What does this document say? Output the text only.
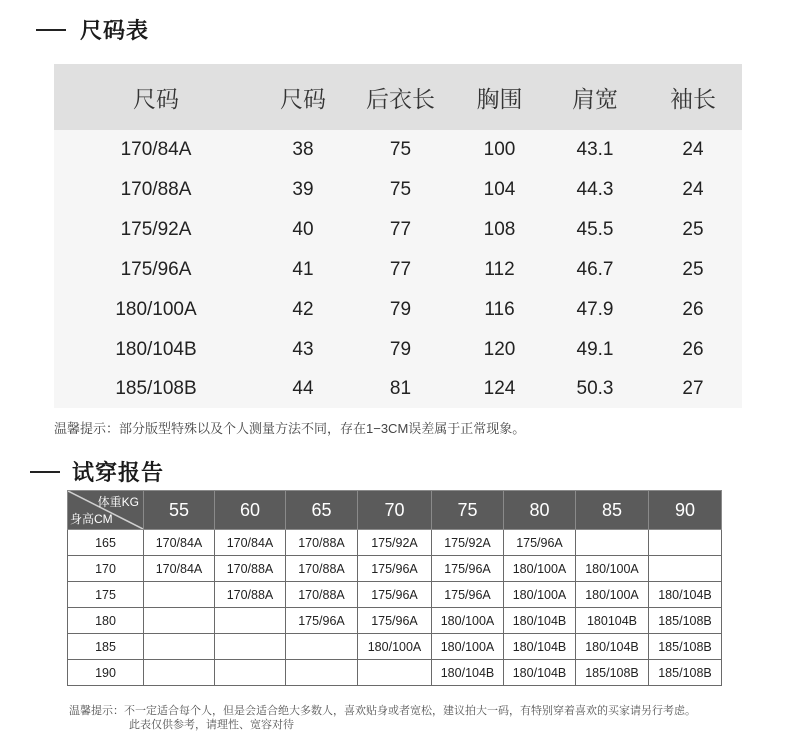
尺码表
尺码	尺码	后衣长	胸围	肩宽	袖长
170/84A	38	75	100	43.1	24
170/88A	39	75	104	44.3	24
175/92A	40	77	108	45.5	25
175/96A	41	77	112	46.7	25
180/100A	42	79	116	47.9	26
180/104B	43	79	120	49.1	26
185/108B	44	81	124	50.3	27
温馨提示：部分版型特殊以及个人测量方法不同，存在1−3CM误差属于正常现象。
试穿报告
体重KG
身高CM	55	60	65	70	75	80	85	90
165	170/84A	170/84A	170/88A	175/92A	175/92A	175/96A		
170	170/84A	170/88A	170/88A	175/96A	175/96A	180/100A	180/100A	
175		170/88A	170/88A	175/96A	175/96A	180/100A	180/100A	180/104B
180			175/96A	175/96A	180/100A	180/104B	180104B	185/108B
185				180/100A	180/100A	180/104B	180/104B	185/108B
190					180/104B	180/104B	185/108B	185/108B
温馨提示：不一定适合每个人，但是会适合绝大多数人，喜欢贴身或者宽松，建议拍大一码，有特别穿着喜欢的买家请另行考虑。
此表仅供参考，请理性、宽容对待
